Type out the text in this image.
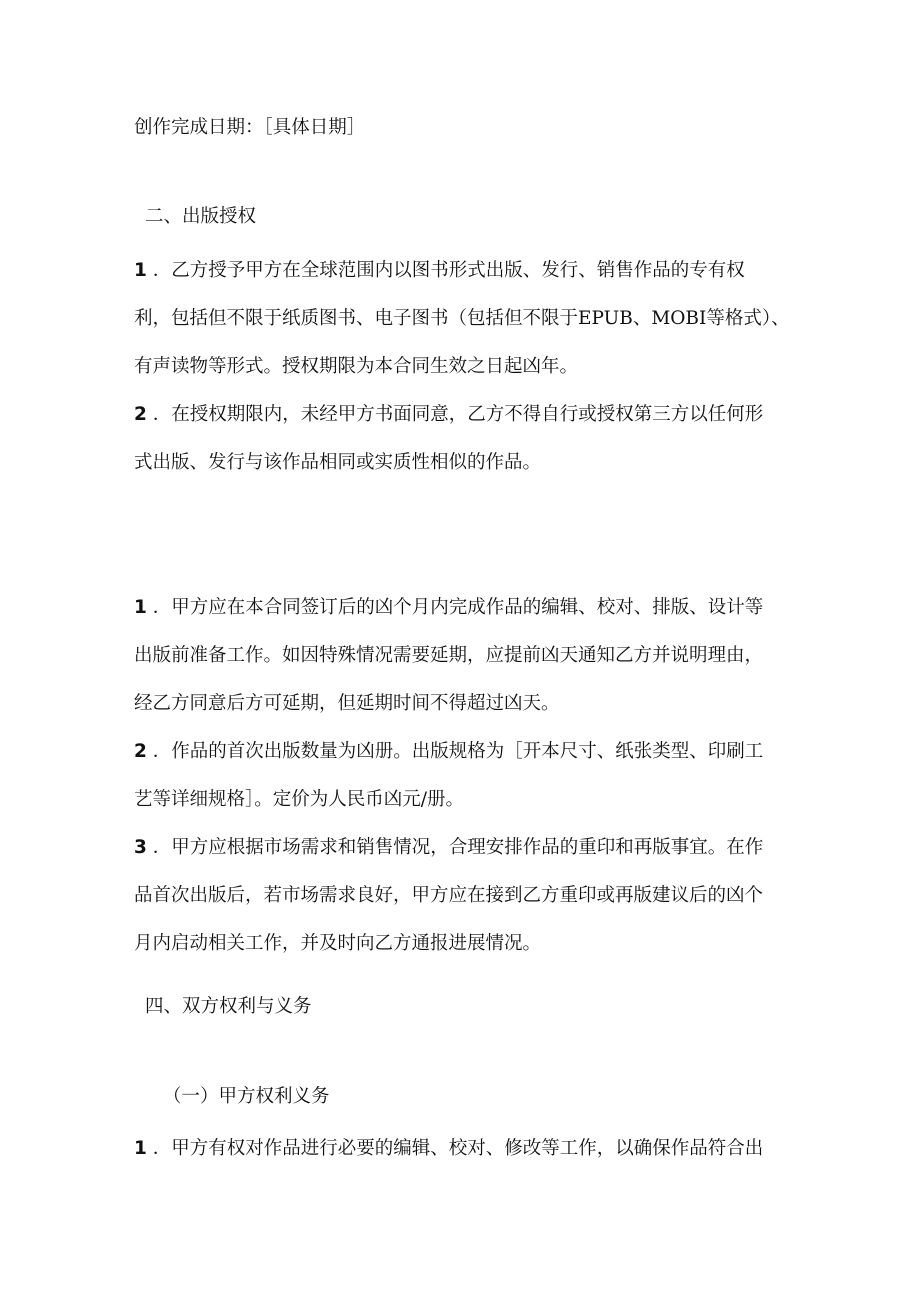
创作完成日期：［具体日期］
二、出版授权
1 ．乙方授予甲方在全球范围内以图书形式出版、发行、销售作品的专有权
利，包括但不限于纸质图书、电子图书（包括但不限于EPUB、MOBI等格式）、
有声读物等形式。授权期限为本合同生效之日起凶年。
2 ．在授权期限内，未经甲方书面同意，乙方不得自行或授权第三方以任何形
式出版、发行与该作品相同或实质性相似的作品。
1 ．甲方应在本合同签订后的凶个月内完成作品的编辑、校对、排版、设计等
出版前准备工作。如因特殊情况需要延期，应提前凶天通知乙方并说明理由，
经乙方同意后方可延期，但延期时间不得超过凶天。
2 ．作品的首次出版数量为凶册。出版规格为［开本尺寸、纸张类型、印刷工
艺等详细规格］。定价为人民币凶元/册。
3 ．甲方应根据市场需求和销售情况，合理安排作品的重印和再版事宜。在作
品首次出版后，若市场需求良好，甲方应在接到乙方重印或再版建议后的凶个
月内启动相关工作，并及时向乙方通报进展情况。
四、双方权利与义务
（一）甲方权利义务
1 ．甲方有权对作品进行必要的编辑、校对、修改等工作，以确保作品符合出
